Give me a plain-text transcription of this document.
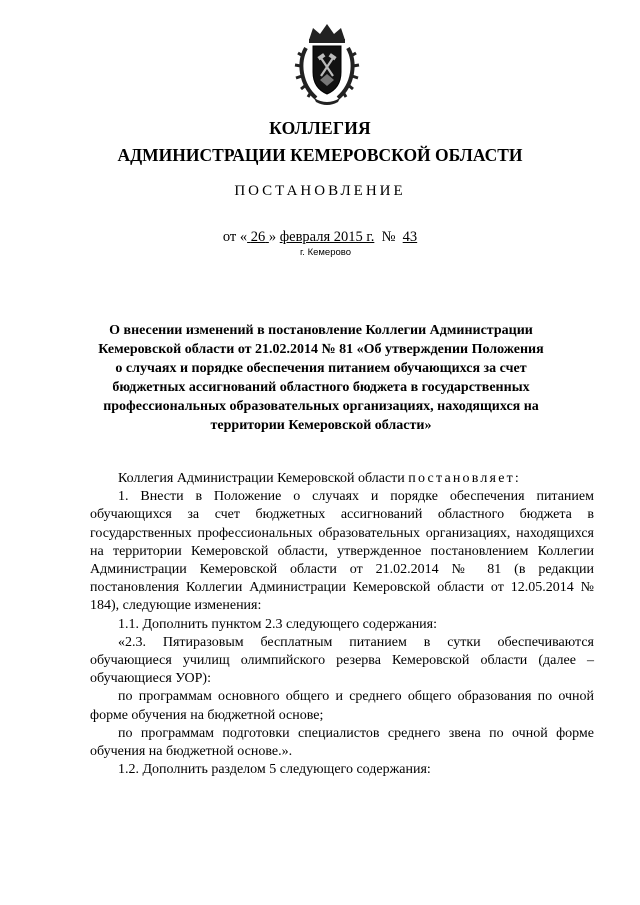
КОЛЛЕГИЯ
АДМИНИСТРАЦИИ КЕМЕРОВСКОЙ ОБЛАСТИ
ПОСТАНОВЛЕНИЕ
от « 26 » февраля 2015 г. № 43
г. Кемерово
О внесении изменений в постановление Коллегии Администрации Кемеровской области от 21.02.2014 № 81 «Об утверждении Положения о случаях и порядке обеспечения питанием обучающихся за счет бюджетных ассигнований областного бюджета в государственных профессиональных образовательных организациях, находящихся на территории Кемеровской области»

Коллегия Администрации Кемеровской области постановляет:

1. Внести в Положение о случаях и порядке обеспечения питанием обучающихся за счет бюджетных ассигнований областного бюджета в государственных профессиональных образовательных организациях, находящихся на территории Кемеровской области, утвержденное постановлением Коллегии Администрации Кемеровской области от 21.02.2014 № 81 (в редакции постановления Коллегии Администрации Кемеровской области от 12.05.2014 № 184), следующие изменения:

1.1. Дополнить пунктом 2.3 следующего содержания:

«2.3. Пятиразовым бесплатным питанием в сутки обеспечиваются обучающиеся училищ олимпийского резерва Кемеровской области (далее – обучающиеся УОР):

по программам основного общего и среднего общего образования по очной форме обучения на бюджетной основе;

по программам подготовки специалистов среднего звена по очной форме обучения на бюджетной основе.».

1.2. Дополнить разделом 5 следующего содержания:
